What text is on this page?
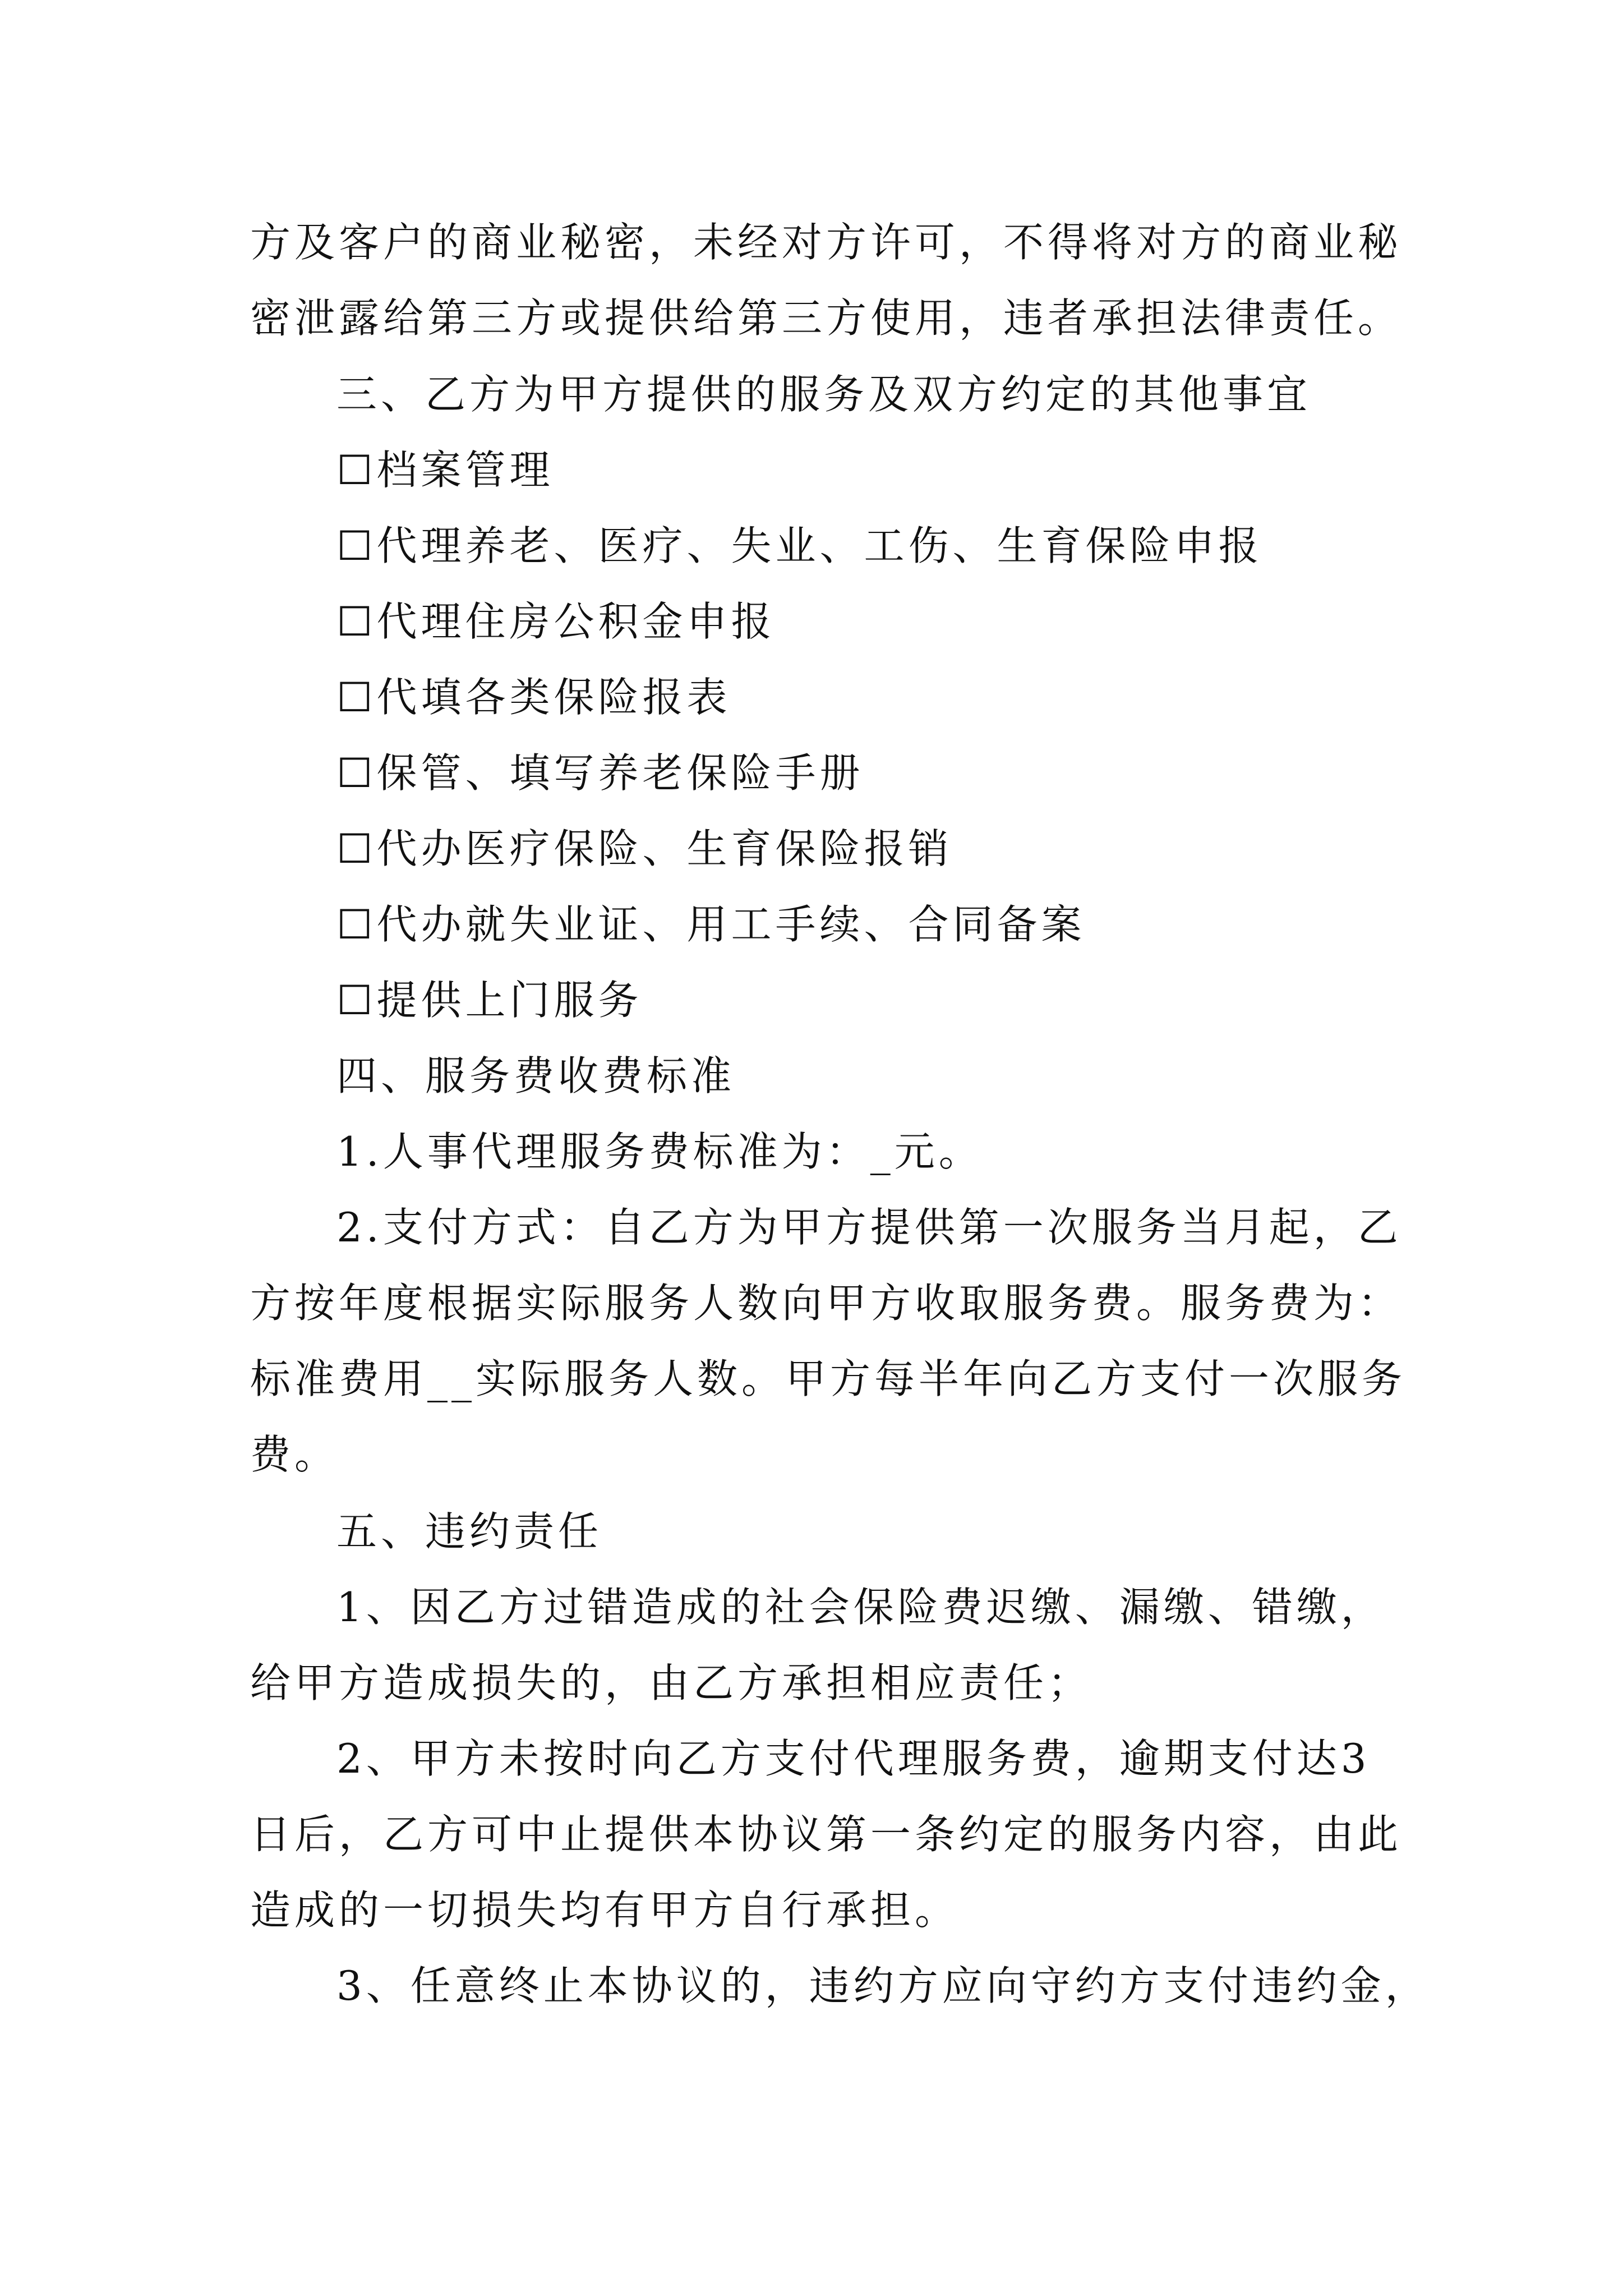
方及客户的商业秘密，未经对方许可，不得将对方的商业秘

密泄露给第三方或提供给第三方使用，违者承担法律责任。

三、乙方为甲方提供的服务及双方约定的其他事宜

☐档案管理

☐代理养老、医疗、失业、工伤、生育保险申报

☐代理住房公积金申报

☐代填各类保险报表

☐保管、填写养老保险手册

☐代办医疗保险、生育保险报销

☐代办就失业证、用工手续、合同备案

☐提供上门服务

四、服务费收费标准

1.人事代理服务费标准为：_元。

2.支付方式：自乙方为甲方提供第一次服务当月起，乙

方按年度根据实际服务人数向甲方收取服务费。服务费为：

标准费用__实际服务人数。甲方每半年向乙方支付一次服务

费。

五、违约责任

1、因乙方过错造成的社会保险费迟缴、漏缴、错缴，

给甲方造成损失的，由乙方承担相应责任；

2、甲方未按时向乙方支付代理服务费，逾期支付达3

日后，乙方可中止提供本协议第一条约定的服务内容，由此

造成的一切损失均有甲方自行承担。

3、任意终止本协议的，违约方应向守约方支付违约金，
